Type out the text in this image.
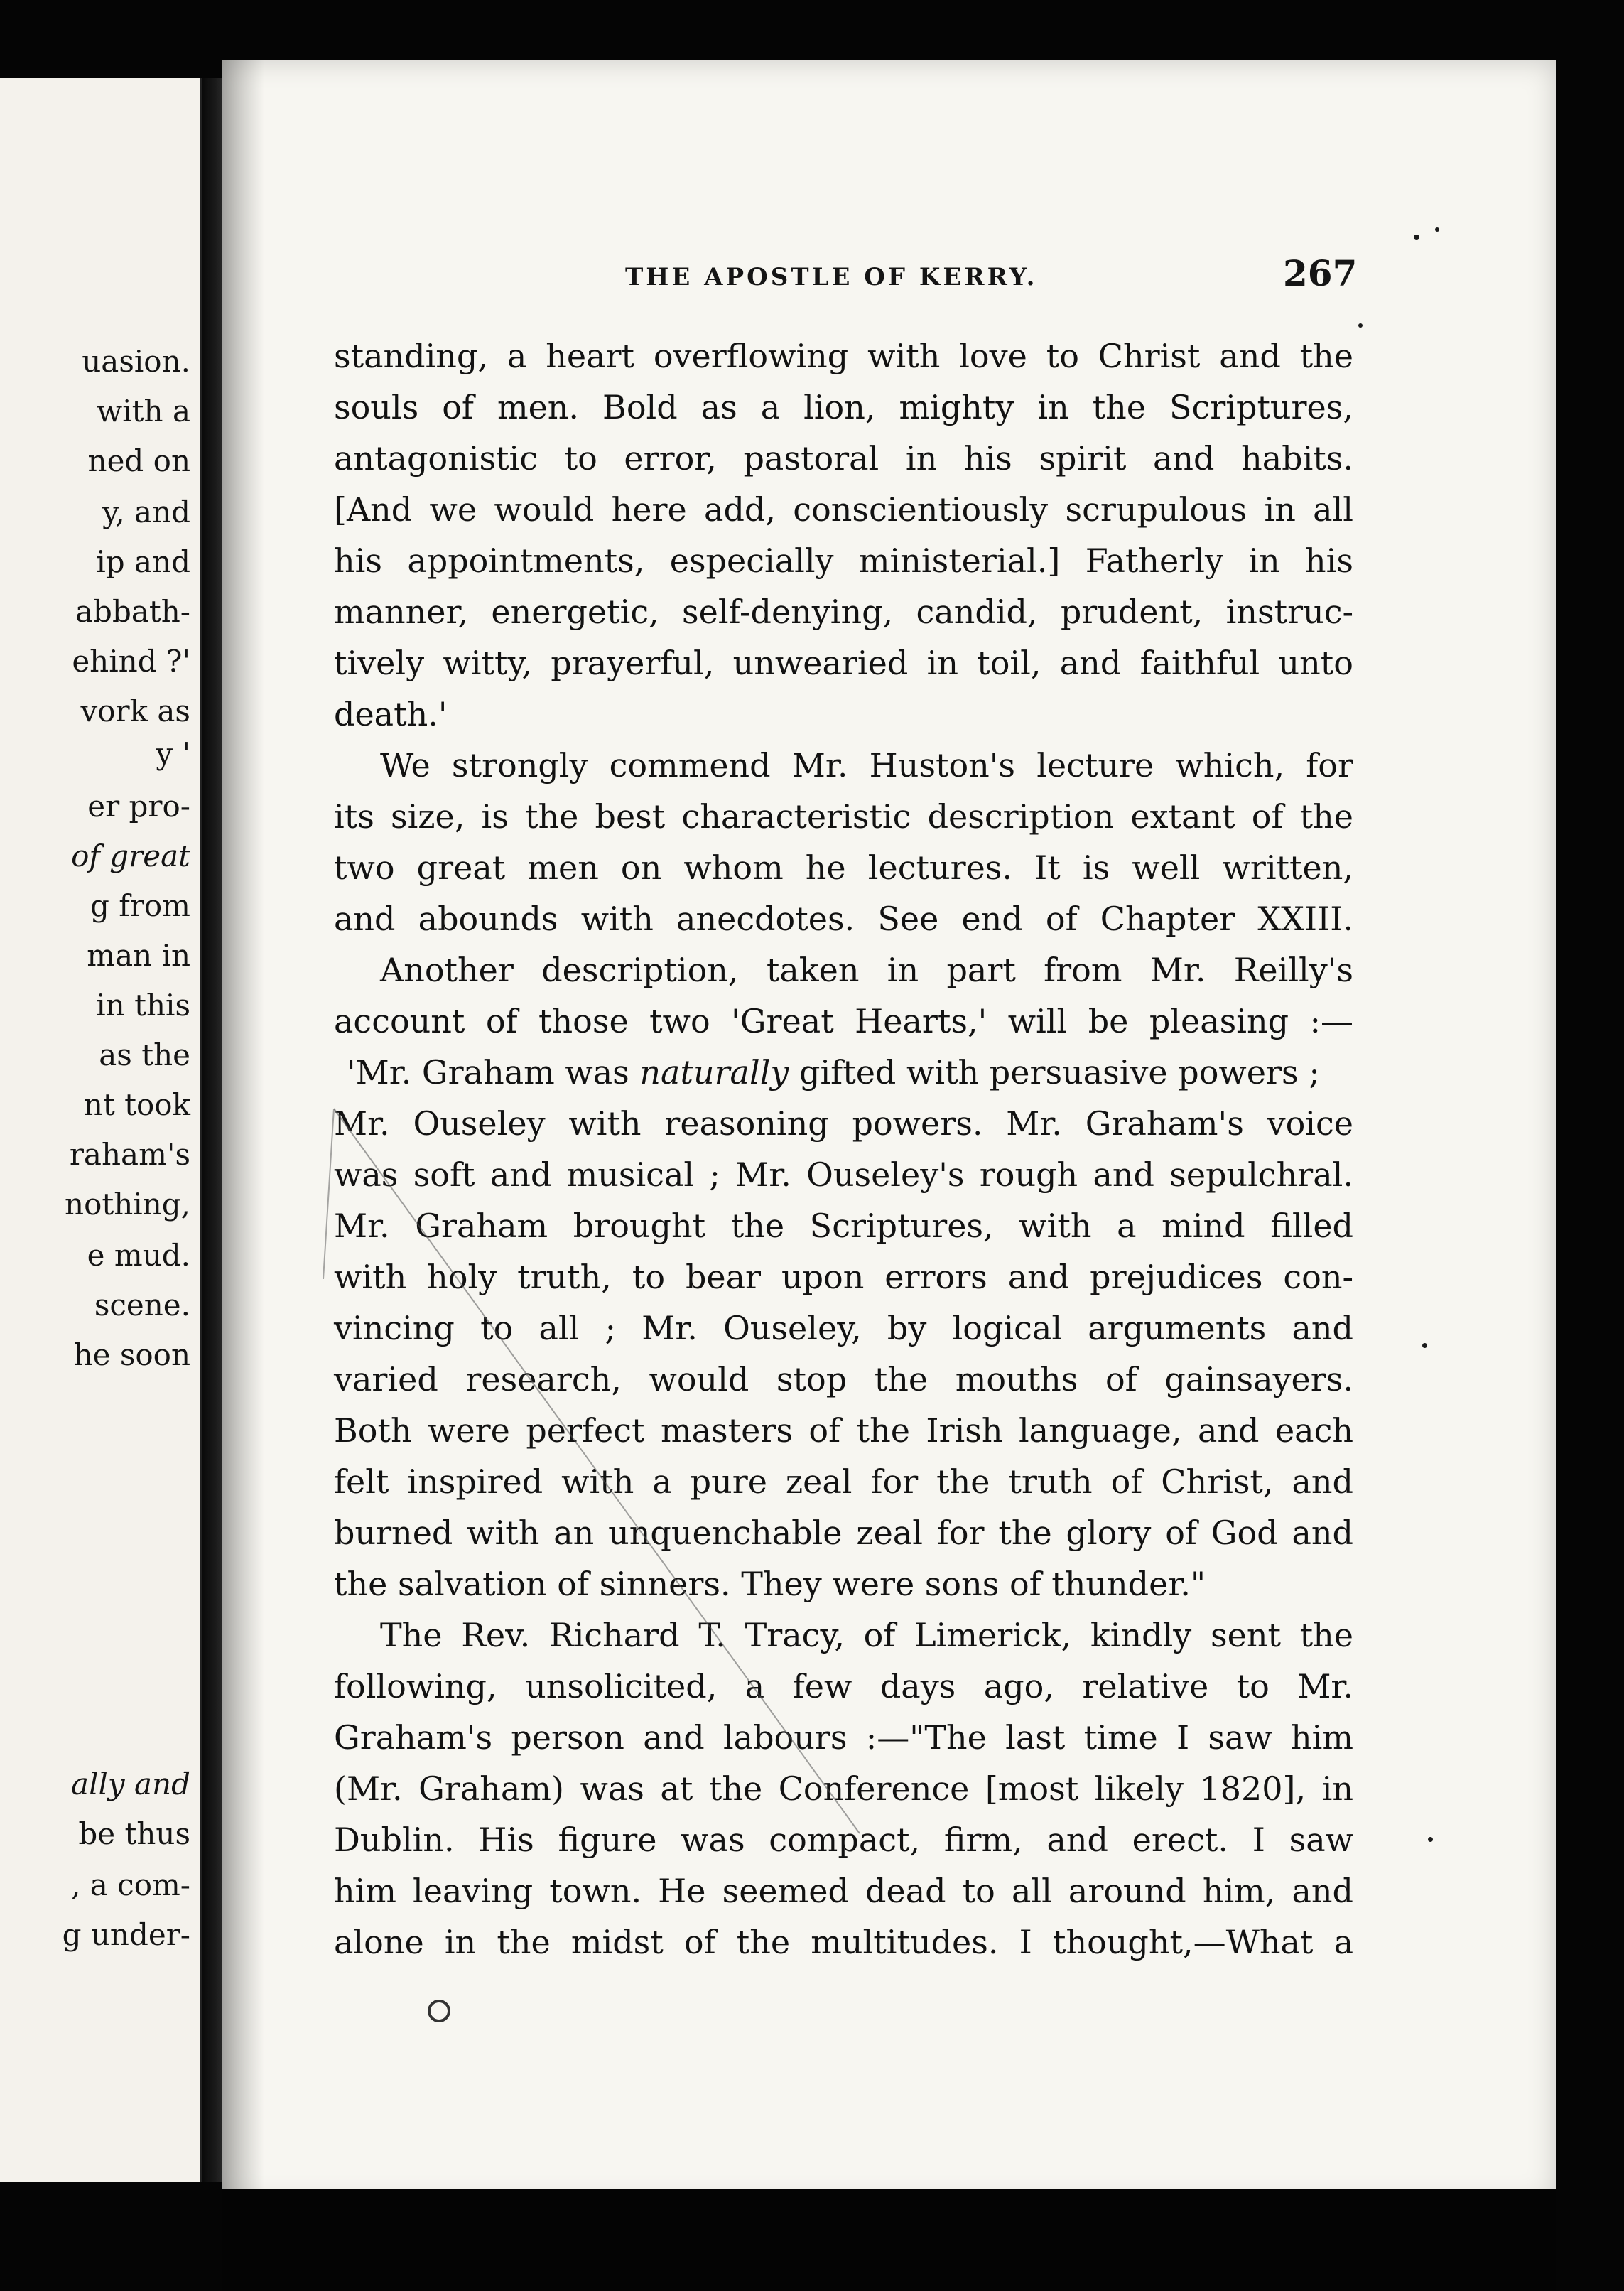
uasion.
with a
ned on
y, and
ip and
abbath-
ehind ?'
vork as
y '
er pro-
of great
g from
man in
in this
as the
nt took
raham's
nothing,
e mud.
scene.
he soon
ally and
be thus
, a com-
g under-
THE APOSTLE OF KERRY.	267
standing, a heart overflowing with love to Christ and the
souls of men. Bold as a lion, mighty in the Scriptures,
antagonistic to error, pastoral in his spirit and habits.
[And we would here add, conscientiously scrupulous in all
his appointments, especially ministerial.] Fatherly in his
manner, energetic, self-denying, candid, prudent, instruc-
tively witty, prayerful, unwearied in toil, and faithful unto
death.'
We strongly commend Mr. Huston's lecture which, for
its size, is the best characteristic description extant of the
two great men on whom he lectures. It is well written,
and abounds with anecdotes. See end of Chapter XXIII.
Another description, taken in part from Mr. Reilly's
account of those two 'Great Hearts,' will be pleasing :—
'Mr. Graham was naturally gifted with persuasive powers ;
Mr. Ouseley with reasoning powers. Mr. Graham's voice
was soft and musical ; Mr. Ouseley's rough and sepulchral.
Mr. Graham brought the Scriptures, with a mind filled
with holy truth, to bear upon errors and prejudices con-
vincing to all ; Mr. Ouseley, by logical arguments and
varied research, would stop the mouths of gainsayers.
Both were perfect masters of the Irish language, and each
felt inspired with a pure zeal for the truth of Christ, and
burned with an unquenchable zeal for the glory of God and
the salvation of sinners. They were sons of thunder."
The Rev. Richard T. Tracy, of Limerick, kindly sent the
following, unsolicited, a few days ago, relative to Mr.
Graham's person and labours :—"The last time I saw him
(Mr. Graham) was at the Conference [most likely 1820], in
Dublin. His figure was compact, firm, and erect. I saw
him leaving town. He seemed dead to all around him, and
alone in the midst of the multitudes. I thought,—What a
